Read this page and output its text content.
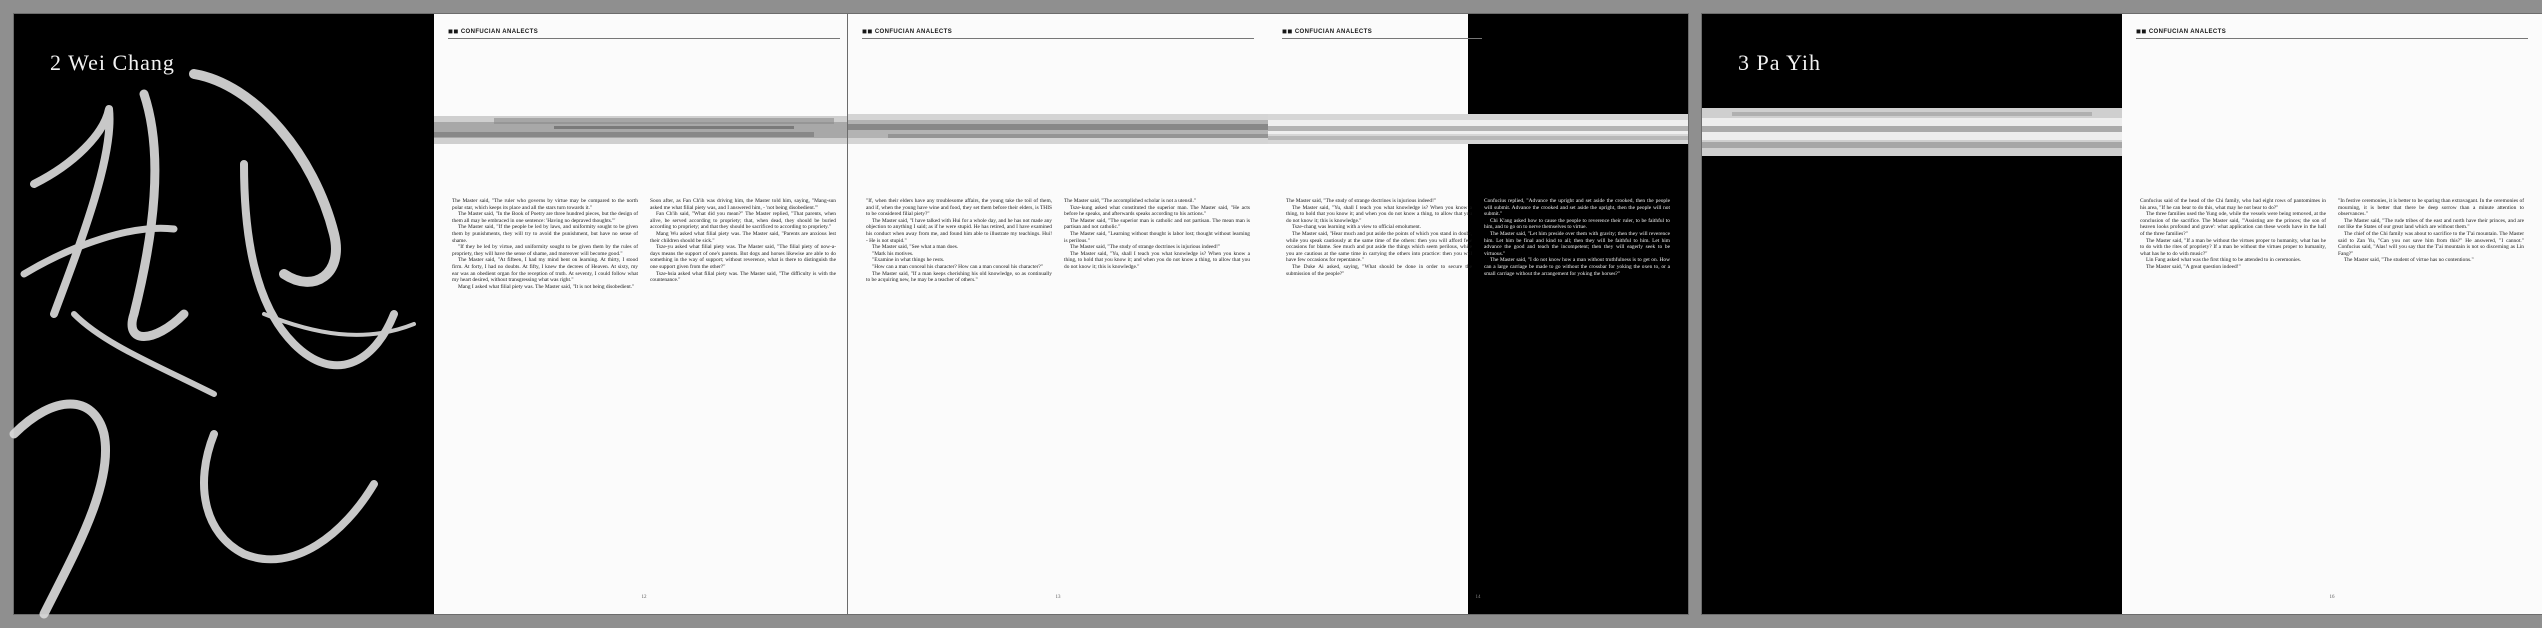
2 Wei Chang
◼◼ CONFUCIAN ANALECTS

The Master said, "The ruler who governs by virtue may be compared to the north polar star, which keeps its place and all the stars turn towards it."

The Master said, "In the Book of Poetry are three hundred pieces, but the design of them all may be embraced in one sentence: 'Having no depraved thoughts.'"

The Master said, "If the people be led by laws, and uniformity sought to be given them by punishments, they will try to avoid the punishment, but have no sense of shame.

"If they be led by virtue, and uniformity sought to be given them by the rules of propriety, they will have the sense of shame, and moreover will become good."

The Master said, "At fifteen, I had my mind bent on learning. At thirty, I stood firm. At forty, I had no doubts. At fifty, I knew the decrees of Heaven. At sixty, my ear was an obedient organ for the reception of truth. At seventy, I could follow what my heart desired, without transgressing what was right."

Mang I asked what filial piety was. The Master said, "It is not being disobedient."

Soon after, as Fan Ch'ih was driving him, the Master told him, saying, "Mang-sun asked me what filial piety was, and I answered him, - 'not being disobedient.'"

Fan Ch'ih said, "What did you mean?" The Master replied, "That parents, when alive, be served according to propriety; that, when dead, they should be buried according to propriety; and that they should be sacrificed to according to propriety."

Mang Wu asked what filial piety was. The Master said, "Parents are anxious lest their children should be sick."

Tsze-yu asked what filial piety was. The Master said, "The filial piety of now-a-days means the support of one's parents. But dogs and horses likewise are able to do something in the way of support; without reverence, what is there to distinguish the one support given from the other?"

Tsze-hsia asked what filial piety was. The Master said, "The difficulty is with the countenance."

12
◼◼ CONFUCIAN ANALECTS

"If, when their elders have any troublesome affairs, the young take the toil of them, and if, when the young have wine and food, they set them before their elders, is THIS to be considered filial piety?"

The Master said, "I have talked with Hui for a whole day, and he has not made any objection to anything I said; as if he were stupid. He has retired, and I have examined his conduct when away from me, and found him able to illustrate my teachings. Hui! - He is not stupid."

The Master said, "See what a man does.

"Mark his motives.

"Examine in what things he rests.

"How can a man conceal his character? How can a man conceal his character?"

The Master said, "If a man keeps cherishing his old knowledge, so as continually to be acquiring new, he may be a teacher of others."

The Master said, "The accomplished scholar is not a utensil."

Tsze-kung asked what constituted the superior man. The Master said, "He acts before he speaks, and afterwards speaks according to his actions."

The Master said, "The superior man is catholic and not partisan. The mean man is partisan and not catholic."

The Master said, "Learning without thought is labor lost; thought without learning is perilous."

The Master said, "The study of strange doctrines is injurious indeed!"

The Master said, "Yu, shall I teach you what knowledge is? When you know a thing, to hold that you know it; and when you do not know a thing, to allow that you do not know it; this is knowledge."

13
◼◼ CONFUCIAN ANALECTS

The Master said, "The study of strange doctrines is injurious indeed!"

The Master said, "Yu, shall I teach you what knowledge is? When you know a thing, to hold that you know it; and when you do not know a thing, to allow that you do not know it; this is knowledge."

Tsze-chang was learning with a view to official emolument.

The Master said, "Hear much and put aside the points of which you stand in doubt, while you speak cautiously at the same time of the others: then you will afford few occasions for blame. See much and put aside the things which seem perilous, while you are cautious at the same time in carrying the others into practice: then you will have few occasions for repentance."

The Duke Ai asked, saying, "What should be done in order to secure the submission of the people?"

Confucius replied, "Advance the upright and set aside the crooked, then the people will submit. Advance the crooked and set aside the upright, then the people will not submit."

Chi K'ang asked how to cause the people to reverence their ruler, to be faithful to him, and to go on to nerve themselves to virtue.

The Master said, "Let him preside over them with gravity; then they will reverence him. Let him be final and kind to all; then they will be faithful to him. Let him advance the good and teach the incompetent; then they will eagerly seek to be virtuous."

The Master said, "I do not know how a man without truthfulness is to get on. How can a large carriage be made to go without the crossbar for yoking the oxen to, or a small carriage without the arrangement for yoking the horses?"

14
3 Pa Yih
◼◼ CONFUCIAN ANALECTS

Confucius said of the head of the Chi family, who had eight rows of pantomimes in his area, "If he can bear to do this, what may he not bear to do?"

The three families used the Yung ode, while the vessels were being removed, at the conclusion of the sacrifice. The Master said, "'Assisting are the princes; the son of heaven looks profound and grave': what application can these words have in the hall of the three families?"

The Master said, "If a man be without the virtues proper to humanity, what has he to do with the rites of propriety? If a man be without the virtues proper to humanity, what has he to do with music?"

Lin Fang asked what was the first thing to be attended to in ceremonies.

The Master said, "A great question indeed!"

"In festive ceremonies, it is better to be sparing than extravagant. In the ceremonies of mourning, it is better that there be deep sorrow than a minute attention to observances."

The Master said, "The rude tribes of the east and north have their princes, and are not like the States of our great land which are without them."

The chief of the Chi family was about to sacrifice to the T'ai mountain. The Master said to Zan Yu, "Can you not save him from this?" He answered, "I cannot." Confucius said, "Alas! will you say that the T'ai mountain is not so discerning as Lin Fang?"

The Master said, "The student of virtue has no contentions."

16
